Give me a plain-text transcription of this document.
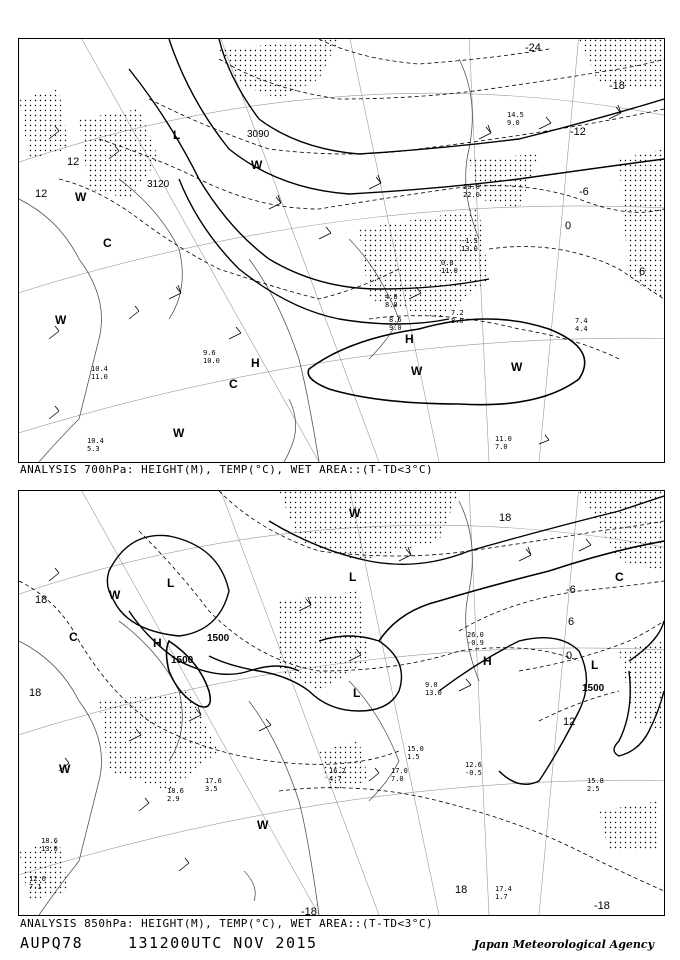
3120
3090
12
12
0
-6
-12
-18
-24
6
L
H
H
C
C
W
W
W
W	W
W
11.0
7.0
7.2
8.0
8.6
9.0
4.8
8.0
7.4
4.4
10.4
11.0
10.4
5.3
20.0
22.0
0.8
11.0
-1.5
13.0
9.6
10.0
14.5
9.0
ANALYSIS 700hPa: HEIGHT(M), TEMP(°C), WET AREA::(T-TD<3°C)
1500
1500
1500
18
18
12
6
0
-6
18
-18
18
-18
L	L
L
L
H
H
C
C
W
W
W
W
15.8
2.5
17.0
7.0
12.6
-0.5
15.0
1.5
16.2
4.7
17.6
3.5
18.6
2.9
17.4
1.7
12.6
7.1
18.6
13.0
26.0
-0.9
9.0
13.0
ANALYSIS 850hPa: HEIGHT(M), TEMP(°C), WET AREA::(T-TD<3°C)
AUPQ78	131200UTC NOV 2015	Japan Meteorological Agency
